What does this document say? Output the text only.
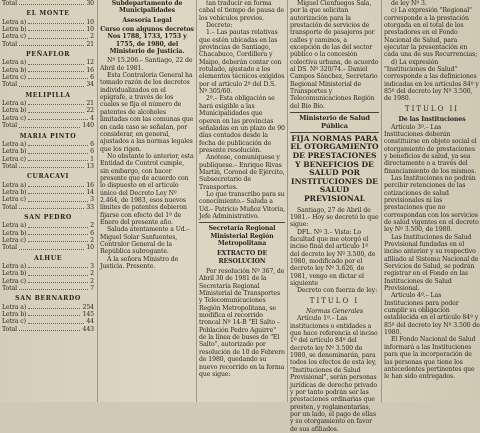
Total	30
EL MONTE
Letra a)	10
Letra b)	10
Letra c)	2
Total	21
PEÑAFLOR
Letra a)	12
Letra b)	16
Letra c)	6
Total	34
MELIPILLA
Letra a)	21
Letra b)	22
Letra c)	4
Total	140
MARIA PINTO
Letra a)	6
Letra b)	6
Letra c)	1
Total	13
CURACAVI
Letra a)	16
Letra b)	14
Letra c)	3
Total	33
SAN PEDRO
Letra a)	2
Letra b)	6
Letra c)	2
Total	10
ALHUE
Letra a)	3
Letra b)	2
Letra c)	2
Total	7
SAN BERNARDO
Letra a)	254
Letra b)	145
Letra c)	44
Total	443

Subdepartamento de Municipalidades

Asesoría Legal

Curso con algunos decretos Nos 1788, 1733, 1753 y 1755, de 1980, del Ministerio de Justicia.

Nº 15.206.– Santiago, 22 de Abril de 1981.

Esta Contraloría General ha tomado razón de los decretos individualizados en el epígrafe, a través de los cuales se fija el número de patentes de alcoholes limitadas con las comunas que en cada caso se señalan, por considerar, en general, ajustados a las normas legales que los rigen.

No obstante lo anterior, esta Entidad de Control cumple, sin embargo, con hacer presente que de acuerdo con lo dispuesto en el artículo único del Decreto Ley Nº 2.464, de 1983, esos nuevos límites de patentes debieron fijarse con efecto del 1º de Enero del presente año.

Saluda atentamente a Ud.– Miguel Solar Sanfuentes, Contralor General de la República subrogante.

A la señora Ministro de Justicia. Presente.

tan traducir en forma cabal el tiempo de pausa de los vehículos previos.

Decreto:

1.– Las pautas relativas que estén ubicadas en las provincias de Santiago, Chacabuco, Cordillera y Maipo, deberán contar con rotulado, ajustado a los elementos técnicos exigidos por el artículo 2º del D.S. Nº 305/60.

2º.– Esta obligación se hará exigible a las Municipalidades que operen en las provincias señaladas en un plazo de 90 días contados desde la fecha de publicación de presente resolución.

Anótese, comuníquese y publíquese.– Enrique Rivas Martin, Coronel de Ejército, Subsecretario de Transportes.

Lo que transcribo para su conocimiento.– Saluda a Ud.– Patricio Muñoz Vitoria, Jefe Administrativo.

Secretaría Regional Ministerial Región Metropolitana

EXTRACTO DE RESOLUCION

Por resolución Nº 367, de Abril 30 de 1981 de la Secretaría Regional Ministerial de Transportes y Telecomunicaciones Región Metropolitana, se modifica el recorrido troncal Nº 14-B "El Salto – Población Pedro Aguirre" de la línea de buses de "El Salto", autorizado por resolución de 10 de Febrero de 1980, quedando su nuevo recorrido en la forma que sigue:

Miguel Cienfuegos Sala, por la que solicitan autorización para la prestación de servicios de transporte de pasajeros por calles y caminos, a excepción de las del sector público o la concesión colectiva urbana, de acuerdo al DS. Nº 320/74.– Daniel Campos Sánchez, Secretario Regional Ministerial de Transportes y Telecomunicaciones Región del Bío Bío.

Ministerio de Salud Pública

FIJA NORMAS PARA EL OTORGAMIENTO DE PRESTACIONES Y BENEFICIOS DE SALUD POR INSTITUCIONES DE SALUD PREVISIONAL

Santiago, 27 de Abril de 1981.– Hoy se decretó lo que sigue:

DFL. Nº 3.– Vista: Lo facultad que me otorgó el inciso final del artículo 1º del decreto ley Nº 3.500, de 1980, modificado por el decreto ley Nº 3.626, de 1981, vengo en dictar el siguiente

Decreto con fuerza de ley:

TITULO I

Normas Generales

Artículo 1º.– Las instituciones o entidades a que hace referencia el inciso 1º del artículo 84º del decreto ley Nº 3.500 de 1980, se denominarán, para todos los efectos de esta ley, "Instituciones de Salud Previsional", serán personas jurídicas de derecho privado y por tanto podrán ser las prestaciones ordinarias que presten, y reglamentarias, por un lado, el pago de ellas y su otorgamiento en favor de sus afiliados.

de ley Nº 3.

c) La expresión "Regional" corresponde a la prestación otorgada en el total de los prestadores en el Fondo Nacional de Salud, para ejecutar la presentación en cada una de sus Recurrencias;

d) La expresión "Instituciones de Salud" corresponde a las definiciones indicadas en los artículos 84º y 85º del decreto ley Nº 3.500, de 1980.

TITULO II

De las Instituciones

Artículo 3º.– Las Instituciones deberán constituirse en objeto social el otorgamiento de prestaciones y beneficios de salud, ya sea directamente o a través del financiamiento de los mismos.

Las Instituciones no podrán percibir retenciones de las cotizaciones de salud previsionales ni las prestaciones que no correspondan con los servicios de salud vigentes en el decreto ley Nº 3.500, de 1980.

Las Instituciones de Salud Previsional fundadas en el inciso anterior y su respectivo afiliado al Sistema Nacional de Servicios de Salud, se podrán registrar en el Fondo en las Instituciones de Salud Previsional.

Artículo 4º.– Las Instituciones para poder cumplir su obligación establecida en el artículo 84º y 85º del decreto ley Nº 3.500 de 1980.

El Fondo Nacional de Salud informará a las Instituciones para que la incorporación de las personas que tiene los antecedentes pertinentes que le han sido entregados.
